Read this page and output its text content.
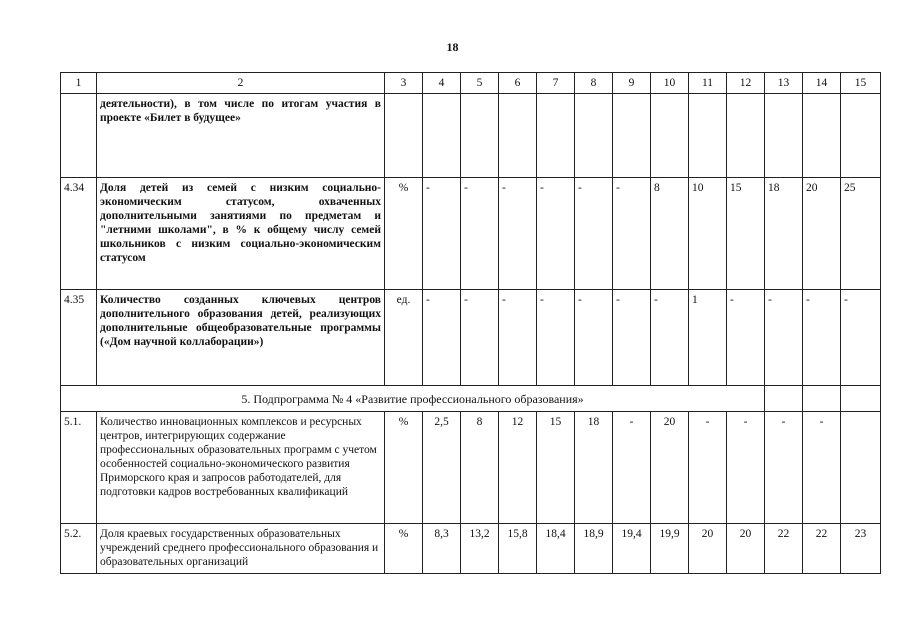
18
1	2	3	4	5	6	7	8	9	10	11	12	13	14	15
	деятельности), в том числе по итогам участия в проекте «Билет в будущее»													
4.34	Доля детей из семей с низким социально-экономическим статусом, охваченных дополнительными занятиями по предметам и "летними школами", в % к общему числу семей школьников с низким социально-экономическим статусом	%	-	-	-	-	-	-	8	10	15	18	20	25
4.35	Количество созданных ключевых центров дополнительного образования детей, реализующих дополнительные общеобразовательные программы («Дом научной коллаборации»)	ед.	-	-	-	-	-	-	-	1	-	-	-	-
5. Подпрограмма № 4 «Развитие профессионального образования»														
5.1.	Количество инновационных комплексов и ресурсных центров, интегрирующих содержание профессиональных образовательных программ с учетом особенностей социально-экономического развития Приморского края и запросов работодателей, для подготовки кадров востребованных квалификаций	%	2,5	8	12	15	18	-	20	-	-	-	-	
5.2.	Доля краевых государственных образовательных учреждений среднего профессионального образования и образовательных организаций	%	8,3	13,2	15,8	18,4	18,9	19,4	19,9	20	20	22	22	23
